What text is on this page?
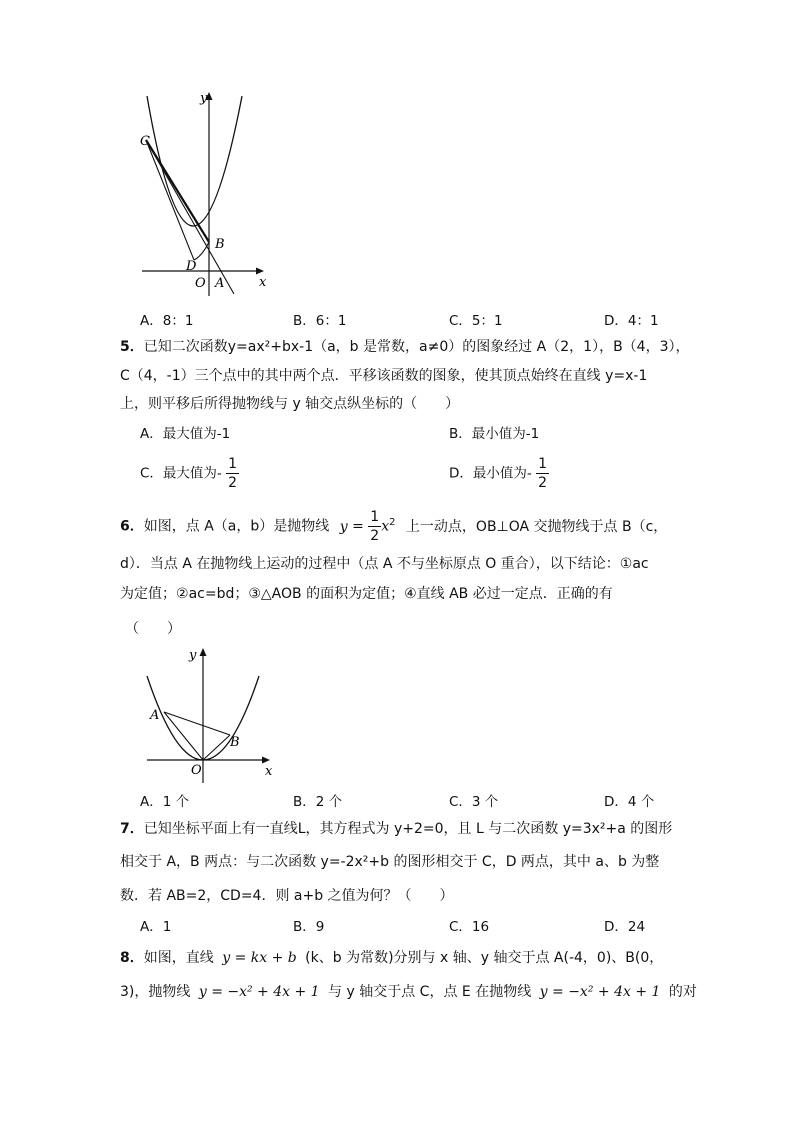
y
C
B
D
O A	x
A．8：1	B．6：1	C．5：1	D．4：1
5．已知二次函数y=ax²+bx-1（a，b 是常数，a≠0）的图象经过 A（2，1），B（4，3），
C（4，-1）三个点中的其中两个点．平移该函数的图象，使其顶点始终在直线 y=x-1
上，则平移后所得抛物线与 y 轴交点纵坐标的（　　）
A．最大值为-1	B．最小值为-1
C．最大值为- $\frac{1}{2}$	D．最小值为- $\frac{1}{2}$
6．如图，点 A（a，b）是抛物线 $y = \frac{1}{2} x^2$ 上一动点，OB⊥OA 交抛物线于点 B（c，
d）．当点 A 在抛物线上运动的过程中（点 A 不与坐标原点 O 重合），以下结论：①ac
为定值；②ac=bd；③△AOB 的面积为定值；④直线 AB 必过一定点．正确的有
（　　）
y
A
B
O	x
A．1 个	B．2 个	C．3 个	D．4 个
7．已知坐标平面上有一直线L，其方程式为 y+2=0，且 L 与二次函数 y=3x²+a 的图形
相交于 A，B 两点：与二次函数 y=-2x²+b 的图形相交于 C，D 两点，其中 a、b 为整
数．若 AB=2，CD=4．则 a+b 之值为何？（　　）
A．1	B．9	C．16	D．24
8．如图，直线 y = kx + b (k、b 为常数)分别与 x 轴、y 轴交于点 A(-4，0)、B(0，
3)，抛物线 y = −x² + 4x + 1 与 y 轴交于点 C，点 E 在抛物线 y = −x² + 4x + 1 的对
